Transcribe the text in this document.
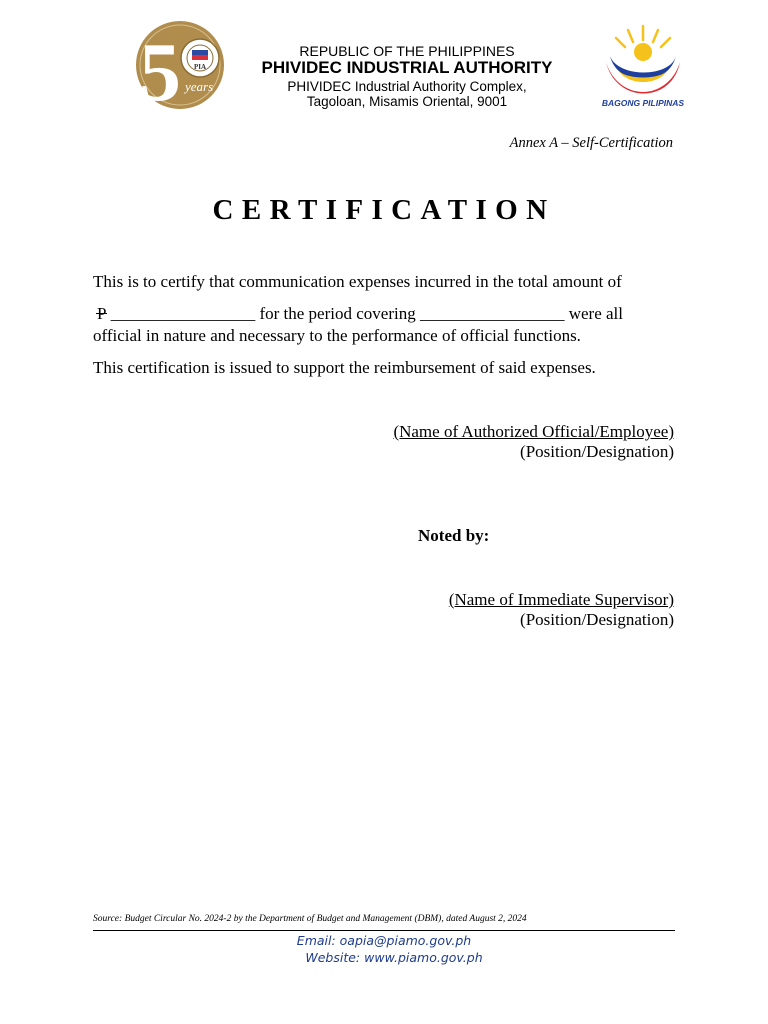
5 PIA
years
REPUBLIC OF THE PHILIPPINES
PHIVIDEC INDUSTRIAL AUTHORITY
PHIVIDEC Industrial Authority Complex,
Tagoloan, Misamis Oriental, 9001	BAGONG PILIPINAS
Annex A – Self-Certification
CERTIFICATION
This is to certify that communication expenses incurred in the total amount of
P _________________ for the period covering _________________ were all
official in nature and necessary to the performance of official functions.
This certification is issued to support the reimbursement of said expenses.
(Name of Authorized Official/Employee)
(Position/Designation)
Noted by:
(Name of Immediate Supervisor)
(Position/Designation)
Source: Budget Circular No. 2024-2 by the Department of Budget and Management (DBM), dated August 2, 2024
Email: oapia@piamo.gov.ph
Website: www.piamo.gov.ph
